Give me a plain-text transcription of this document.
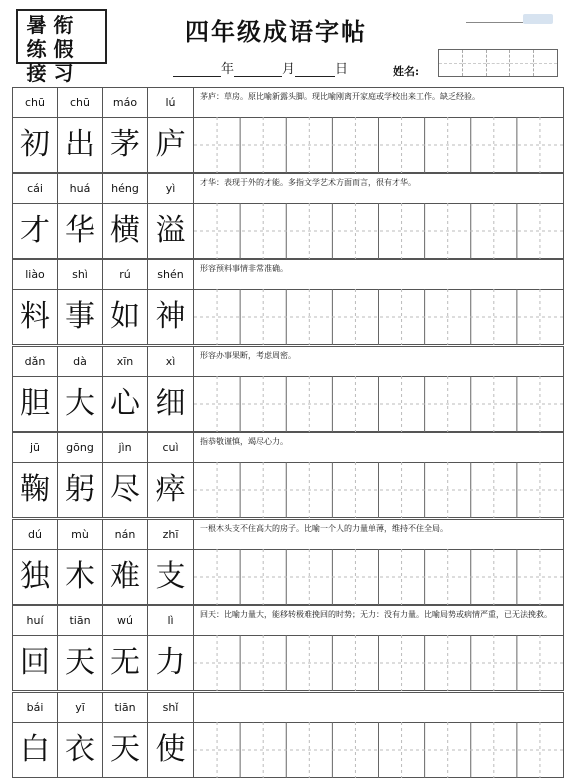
暑 衔
练 假
接 习
四年级成语字帖
年	月	日	姓名:
chū	chū	máo	lú	茅庐：草房。原比喻新露头脚。现比喻刚离开家庭或学校出来工作。缺乏经验。
初 出 茅 庐
cái	huá	héng	yì	才华：表现于外的才能。多指文学艺术方面而言，很有才华。
才 华 横 溢
liào	shì	rú	shén	形容预料事情非常准确。
料 事 如 神
dǎn	dà	xīn	xì	形容办事果断，考虑周密。
胆 大 心 细
jū	gōng	jìn	cuì	指恭敬谨慎，竭尽心力。
鞠 躬 尽 瘁
dú	mù	nán	zhī	一根木头支不住高大的房子。比喻一个人的力量单薄，维持不住全局。
独 木 难 支
huí	tiān	wú	lì	回天：比喻力量大，能移转极难挽回的时势；无力：没有力量。比喻局势或病情严重，已无法挽救。
回 天 无 力
bái	yī	tiān	shǐ
白 衣 天 使
